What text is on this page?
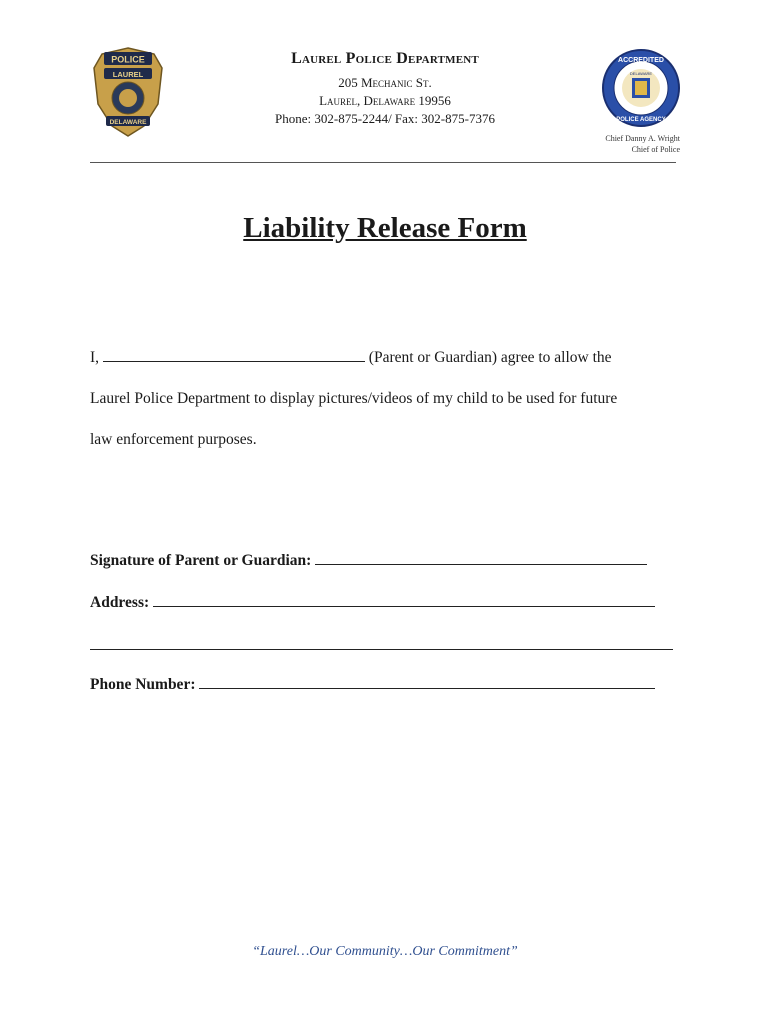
POLICE
LAUREL
DELAWARE
ACCREDITED
POLICE AGENCY
DELAWARE
Laurel Police Department
205 Mechanic St.
Laurel, Delaware 19956
Phone: 302-875-2244/ Fax: 302-875-7376
Chief Danny A. Wright
Chief of Police
Liability Release Form
I,	(Parent or Guardian) agree to allow the
Laurel Police Department to display pictures/videos of my child to be used for future
law enforcement purposes.
Signature of Parent or Guardian:
Address:
Phone Number:
“Laurel…Our Community…Our Commitment”
